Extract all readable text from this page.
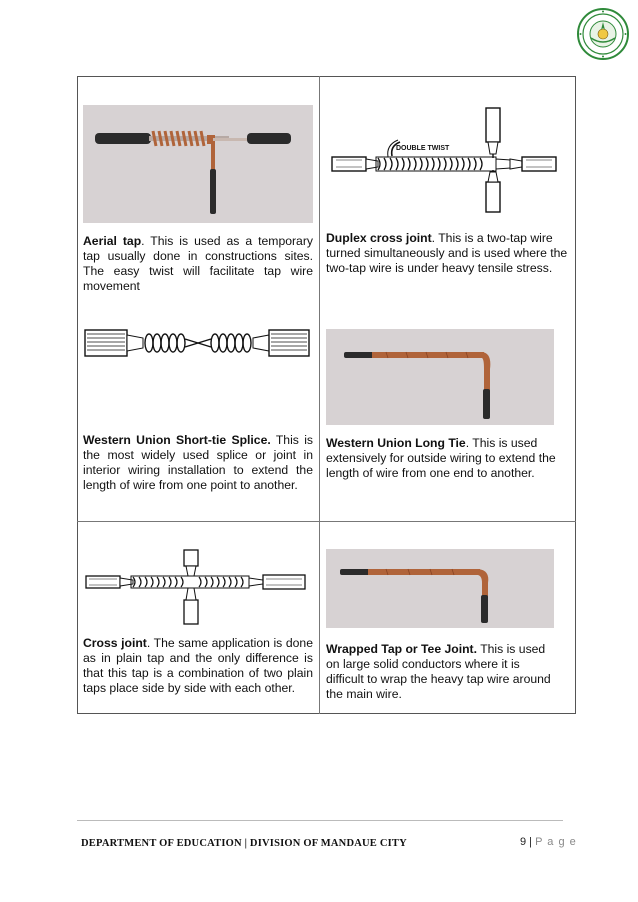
Aerial tap. This is used as a temporary tap usually done in constructions sites. The easy twist will facilitate tap wire movement

DOUBLE TWIST

Duplex cross joint. This is a two-tap wire turned simultaneously and is used where the two-tap wire is under heavy tensile stress.

Western Union Short-tie Splice. This is the most widely used splice or joint in interior wiring installation to extend the length of wire from one point to another.

Western Union Long Tie. This is used extensively for outside wiring to extend the length of wire from one end to another.

Cross joint. The same application is done as in plain tap and the only difference is that this tap is a combination of two plain taps place side by side with each other.

Wrapped Tap or Tee Joint. This is used on large solid conductors where it is difficult to wrap the heavy tap wire around the main wire.

DEPARTMENT OF EDUCATION | DIVISION OF MANDAUE CITY	9 | P a g e
